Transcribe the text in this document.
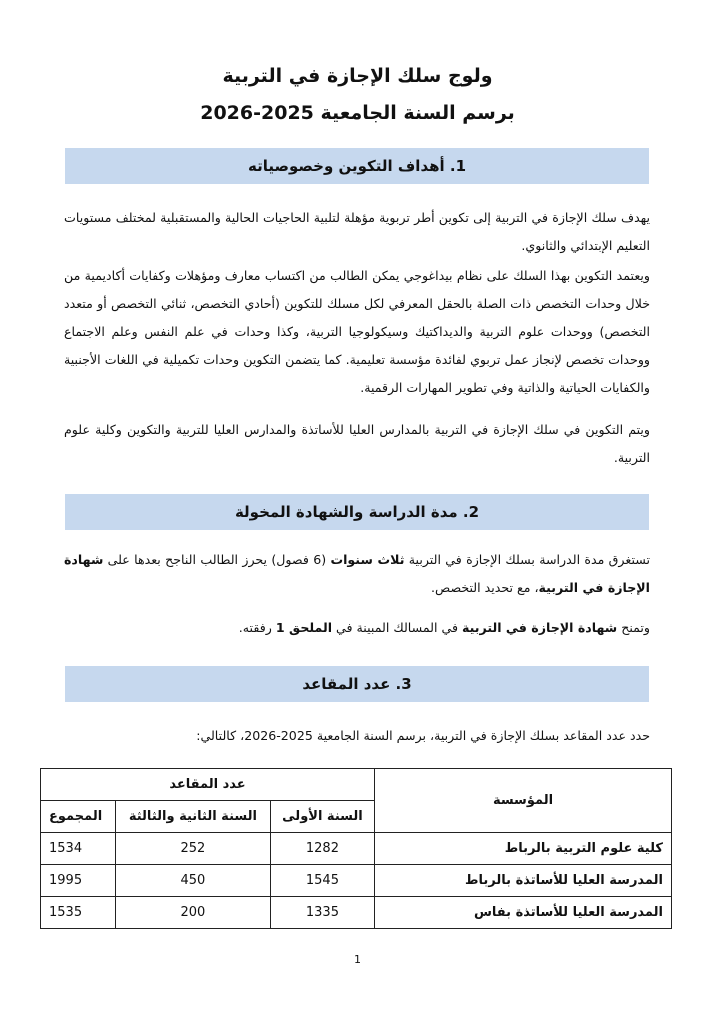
ولوج سلك الإجازة في التربية
برسم السنة الجامعية 2025-2026
1. أهداف التكوين وخصوصياته
يهدف سلك الإجازة في التربية إلى تكوين أطر تربوية مؤهلة لتلبية الحاجيات الحالية والمستقبلية لمختلف مستويات التعليم الإبتدائي والثانوي.
ويعتمد التكوين بهذا السلك على نظام بيداغوجي يمكن الطالب من اكتساب معارف ومؤهلات وكفايات أكاديمية من خلال وحدات التخصص ذات الصلة بالحقل المعرفي لكل مسلك للتكوين (أحادي التخصص، ثنائي التخصص أو متعدد التخصص) ووحدات علوم التربية والديداكتيك وسيكولوجيا التربية، وكذا وحدات في علم النفس وعلم الاجتماع ووحدات تخصص لإنجاز عمل تربوي لفائدة مؤسسة تعليمية. كما يتضمن التكوين وحدات تكميلية في اللغات الأجنبية والكفايات الحياتية والذاتية وفي تطوير المهارات الرقمية.
ويتم التكوين في سلك الإجازة في التربية بالمدارس العليا للأساتذة والمدارس العليا للتربية والتكوين وكلية علوم التربية.
2. مدة الدراسة والشهادة المخولة
تستغرق مدة الدراسة بسلك الإجازة في التربية ثلاث سنوات (6 فصول) يحرز الطالب الناجح بعدها على شهادة الإجازة في التربية، مع تحديد التخصص.
وتمنح شهادة الإجازة في التربية في المسالك المبينة في الملحق 1 رفقته.
3. عدد المقاعد
حدد عدد المقاعد بسلك الإجازة في التربية، برسم السنة الجامعية 2025-2026، كالتالي:
المؤسسة	عدد المقاعد		
	السنة الأولى	السنة الثانية والثالثة	المجموع
كلية علوم التربية بالرباط	1282	252	1534
المدرسة العليا للأساتذة بالرباط	1545	450	1995
المدرسة العليا للأساتذة بفاس	1335	200	1535
1
